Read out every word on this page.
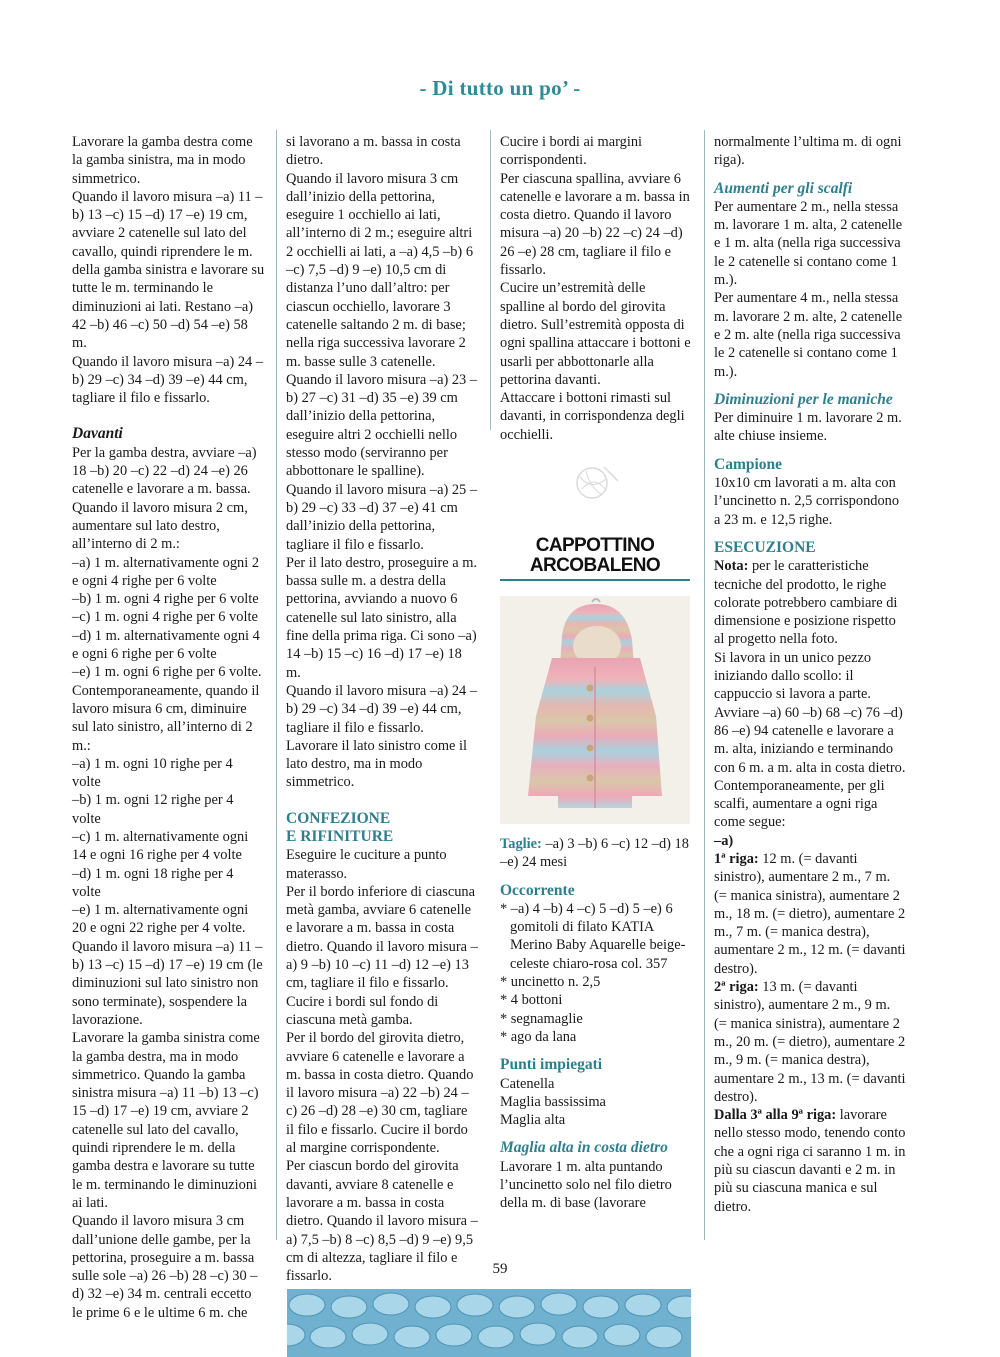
- Di tutto un po’ -

Lavorare la gamba destra come la gamba sinistra, ma in modo simmetrico.

Quando il lavoro misura –a) 11 –b) 13 –c) 15 –d) 17 –e) 19 cm, avviare 2 catenelle sul lato del cavallo, quindi riprendere le m. della gamba sinistra e lavorare su tutte le m. terminando le diminuzioni ai lati. Restano –a) 42 –b) 46 –c) 50 –d) 54 –e) 58 m.

Quando il lavoro misura –a) 24 –b) 29 –c) 34 –d) 39 –e) 44 cm, tagliare il filo e fissarlo.

Davanti

Per la gamba destra, avviare –a) 18 –b) 20 –c) 22 –d) 24 –e) 26 catenelle e lavorare a m. bassa.

Quando il lavoro misura 2 cm, aumentare sul lato destro, all’interno di 2 m.:

–a) 1 m. alternativamente ogni 2 e ogni 4 righe per 6 volte

–b) 1 m. ogni 4 righe per 6 volte

–c) 1 m. ogni 4 righe per 6 volte

–d) 1 m. alternativamente ogni 4 e ogni 6 righe per 6 volte

–e) 1 m. ogni 6 righe per 6 volte.

Contemporaneamente, quando il lavoro misura 6 cm, diminuire sul lato sinistro, all’interno di 2 m.:

–a) 1 m. ogni 10 righe per 4 volte

–b) 1 m. ogni 12 righe per 4 volte

–c) 1 m. alternativamente ogni 14 e ogni 16 righe per 4 volte

–d) 1 m. ogni 18 righe per 4 volte

–e) 1 m. alternativamente ogni 20 e ogni 22 righe per 4 volte.

Quando il lavoro misura –a) 11 –b) 13 –c) 15 –d) 17 –e) 19 cm (le diminuzioni sul lato sinistro non sono terminate), sospendere la lavorazione.

Lavorare la gamba sinistra come la gamba destra, ma in modo simmetrico. Quando la gamba sinistra misura –a) 11 –b) 13 –c) 15 –d) 17 –e) 19 cm, avviare 2 catenelle sul lato del cavallo, quindi riprendere le m. della gamba destra e lavorare su tutte le m. terminando le diminuzioni ai lati.

Quando il lavoro misura 3 cm dall’unione delle gambe, per la pettorina, proseguire a m. bassa sulle sole –a) 26 –b) 28 –c) 30 –d) 32 –e) 34 m. centrali eccetto le prime 6 e le ultime 6 m. che

si lavorano a m. bassa in costa dietro.

Quando il lavoro misura 3 cm dall’inizio della pettorina, eseguire 1 occhiello ai lati, all’interno di 2 m.; eseguire altri 2 occhielli ai lati, a –a) 4,5 –b) 6 –c) 7,5 –d) 9 –e) 10,5 cm di distanza l’uno dall’altro: per ciascun occhiello, lavorare 3 catenelle saltando 2 m. di base; nella riga successiva lavorare 2 m. basse sulle 3 catenelle.

Quando il lavoro misura –a) 23 –b) 27 –c) 31 –d) 35 –e) 39 cm dall’inizio della pettorina, eseguire altri 2 occhielli nello stesso modo (serviranno per abbottonare le spalline).

Quando il lavoro misura –a) 25 –b) 29 –c) 33 –d) 37 –e) 41 cm dall’inizio della pettorina, tagliare il filo e fissarlo.

Per il lato destro, proseguire a m. bassa sulle m. a destra della pettorina, avviando a nuovo 6 catenelle sul lato sinistro, alla fine della prima riga. Ci sono –a) 14 –b) 15 –c) 16 –d) 17 –e) 18 m.

Quando il lavoro misura –a) 24 –b) 29 –c) 34 –d) 39 –e) 44 cm, tagliare il filo e fissarlo.

Lavorare il lato sinistro come il lato destro, ma in modo simmetrico.

CONFEZIONE E RIFINITURE

Eseguire le cuciture a punto materasso.

Per il bordo inferiore di ciascuna metà gamba, avviare 6 catenelle e lavorare a m. bassa in costa dietro. Quando il lavoro misura –a) 9 –b) 10 –c) 11 –d) 12 –e) 13 cm, tagliare il filo e fissarlo. Cucire i bordi sul fondo di ciascuna metà gamba.

Per il bordo del girovita dietro, avviare 6 catenelle e lavorare a m. bassa in costa dietro. Quando il lavoro misura –a) 22 –b) 24 –c) 26 –d) 28 –e) 30 cm, tagliare il filo e fissarlo. Cucire il bordo al margine corrispondente.

Per ciascun bordo del girovita davanti, avviare 8 catenelle e lavorare a m. bassa in costa dietro. Quando il lavoro misura –a) 7,5 –b) 8 –c) 8,5 –d) 9 –e) 9,5 cm di altezza, tagliare il filo e fissarlo.

Cucire i bordi ai margini corrispondenti.

Per ciascuna spallina, avviare 6 catenelle e lavorare a m. bassa in costa dietro. Quando il lavoro misura –a) 20 –b) 22 –c) 24 –d) 26 –e) 28 cm, tagliare il filo e fissarlo.

Cucire un’estremità delle spalline al bordo del girovita dietro. Sull’estremità opposta di ogni spallina attaccare i bottoni e usarli per abbottonarle alla pettorina davanti.

Attaccare i bottoni rimasti sul davanti, in corrispondenza degli occhielli.

CAPPOTTINO
ARCOBALENO

Taglie: –a) 3 –b) 6 –c) 12 –d) 18 –e) 24 mesi

Occorrente

* –a) 4 –b) 4 –c) 5 –d) 5 –e) 6 gomitoli di filato KATIA Merino Baby Aquarelle beige-celeste chiaro-rosa col. 357

* uncinetto n. 2,5

* 4 bottoni

* segnamaglie

* ago da lana

Punti impiegati

Catenella

Maglia bassissima

Maglia alta

Maglia alta in costa dietro

Lavorare 1 m. alta puntando l’uncinetto solo nel filo dietro della m. di base (lavorare

normalmente l’ultima m. di ogni riga).

Aumenti per gli scalfi

Per aumentare 2 m., nella stessa m. lavorare 1 m. alta, 2 catenelle e 1 m. alta (nella riga successiva le 2 catenelle si contano come 1 m.).

Per aumentare 4 m., nella stessa m. lavorare 2 m. alte, 2 catenelle e 2 m. alte (nella riga successiva le 2 catenelle si contano come 1 m.).

Diminuzioni per le maniche

Per diminuire 1 m. lavorare 2 m. alte chiuse insieme.

Campione

10x10 cm lavorati a m. alta con l’uncinetto n. 2,5 corrispondono a 23 m. e 12,5 righe.

ESECUZIONE

Nota: per le caratteristiche tecniche del prodotto, le righe colorate potrebbero cambiare di dimensione e posizione rispetto al progetto nella foto.

Si lavora in un unico pezzo iniziando dallo scollo: il cappuccio si lavora a parte.

Avviare –a) 60 –b) 68 –c) 76 –d) 86 –e) 94 catenelle e lavorare a m. alta, iniziando e terminando con 6 m. a m. alta in costa dietro.

Contemporaneamente, per gli scalfi, aumentare a ogni riga come segue:

–a)

1ª riga: 12 m. (= davanti sinistro), aumentare 2 m., 7 m. (= manica sinistra), aumentare 2 m., 18 m. (= dietro), aumentare 2 m., 7 m. (= manica destra), aumentare 2 m., 12 m. (= davanti destro).

2ª riga: 13 m. (= davanti sinistro), aumentare 2 m., 9 m. (= manica sinistra), aumentare 2 m., 20 m. (= dietro), aumentare 2 m., 9 m. (= manica destra), aumentare 2 m., 13 m. (= davanti destro).

Dalla 3ª alla 9ª riga: lavorare nello stesso modo, tenendo conto che a ogni riga ci saranno 1 m. in più su ciascun davanti e 2 m. in più su ciascuna manica e sul dietro.

59
